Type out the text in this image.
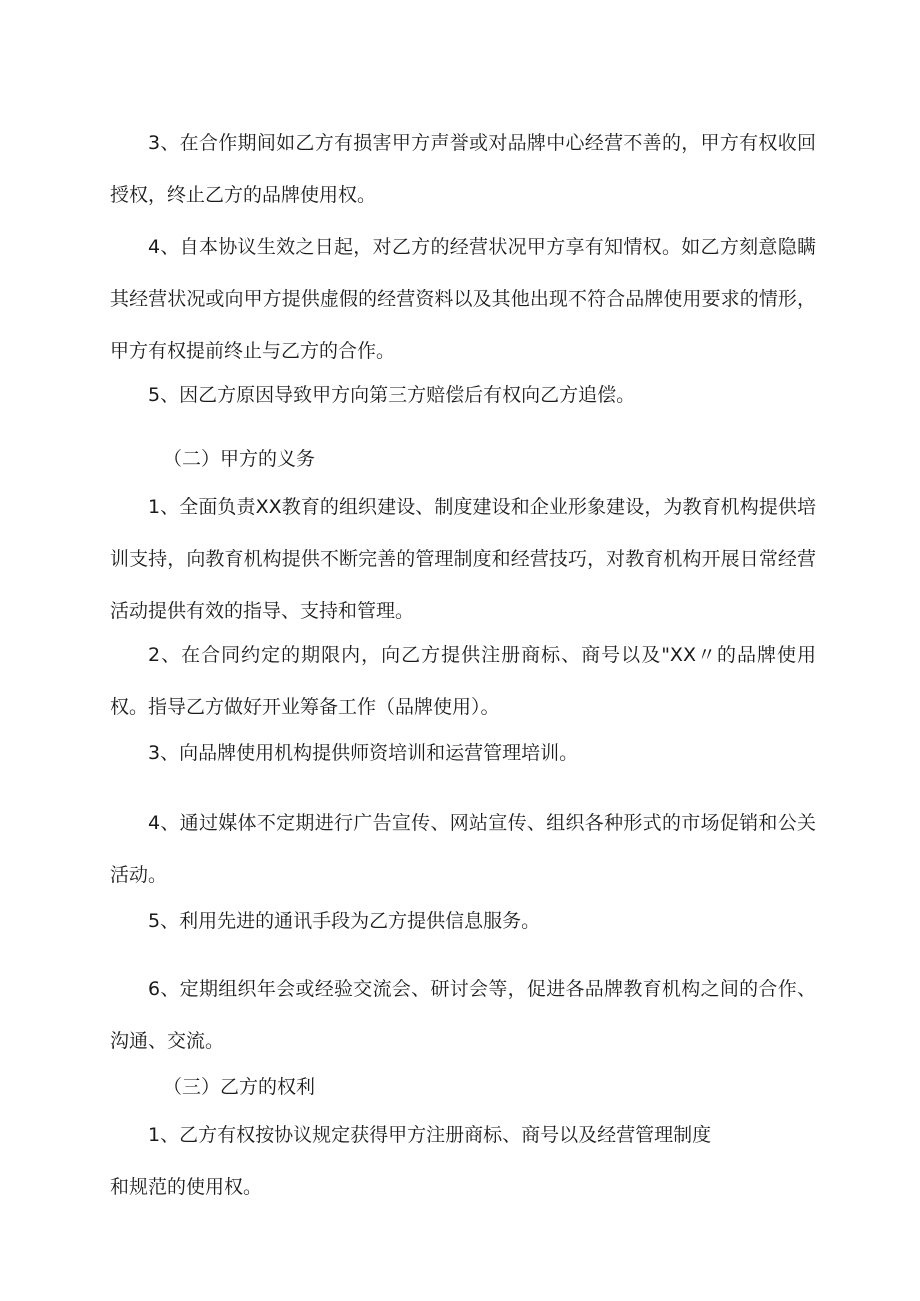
3、在合作期间如乙方有损害甲方声誉或对品牌中心经营不善的，甲方有权收回授权，终止乙方的品牌使用权。

4、自本协议生效之日起，对乙方的经营状况甲方享有知情权。如乙方刻意隐瞒其经营状况或向甲方提供虚假的经营资料以及其他出现不符合品牌使用要求的情形，甲方有权提前终止与乙方的合作。

5、因乙方原因导致甲方向第三方赔偿后有权向乙方追偿。

（二）甲方的义务

1、全面负责XX教育的组织建设、制度建设和企业形象建设，为教育机构提供培训支持，向教育机构提供不断完善的管理制度和经营技巧，对教育机构开展日常经营活动提供有效的指导、支持和管理。

2、在合同约定的期限内，向乙方提供注册商标、商号以及"XX〃的品牌使用权。指导乙方做好开业筹备工作（品牌使用）。

3、向品牌使用机构提供师资培训和运营管理培训。

4、通过媒体不定期进行广告宣传、网站宣传、组织各种形式的市场促销和公关活动。

5、利用先进的通讯手段为乙方提供信息服务。

6、定期组织年会或经验交流会、研讨会等，促进各品牌教育机构之间的合作、沟通、交流。

（三）乙方的权利

1、乙方有权按协议规定获得甲方注册商标、商号以及经营管理制度和规范的使用权。
